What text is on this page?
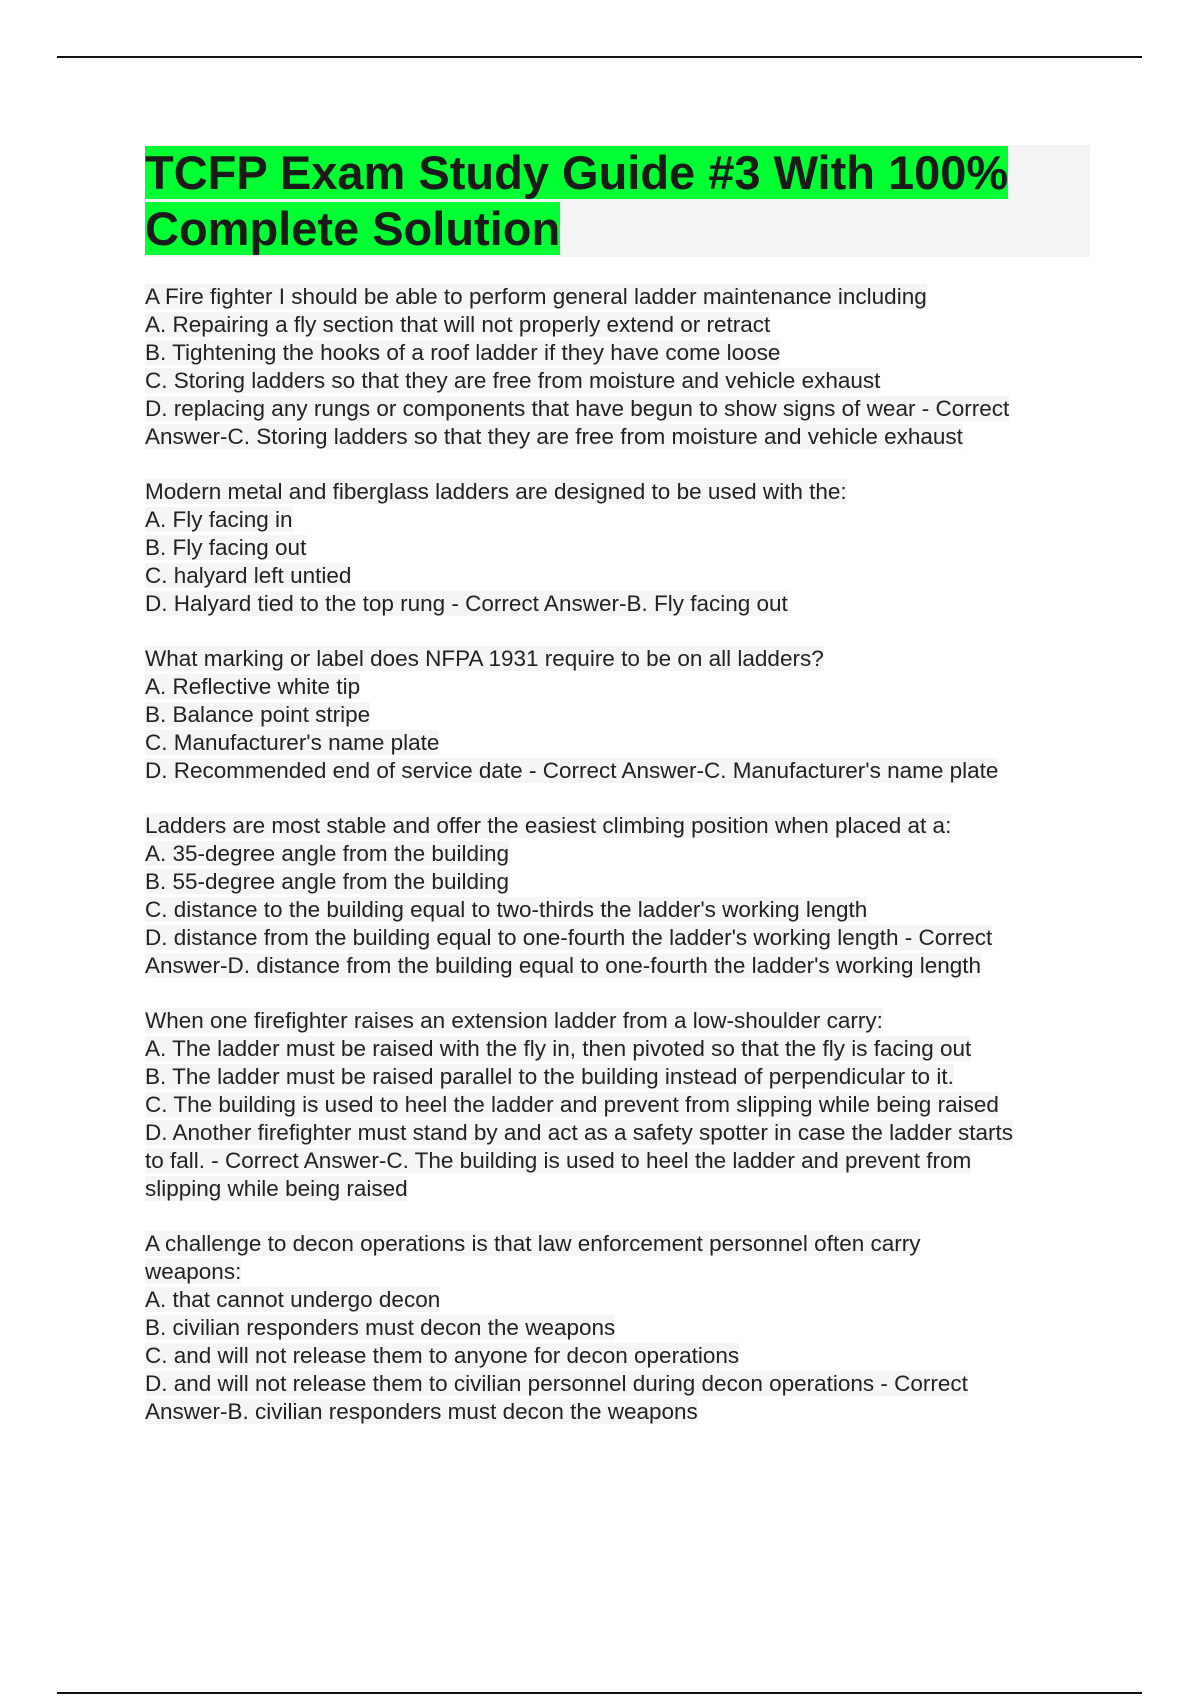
TCFP Exam Study Guide #3 With 100%
Complete Solution
A Fire fighter I should be able to perform general ladder maintenance including
A. Repairing a fly section that will not properly extend or retract
B. Tightening the hooks of a roof ladder if they have come loose
C. Storing ladders so that they are free from moisture and vehicle exhaust
D. replacing any rungs or components that have begun to show signs of wear - Correct
Answer-C. Storing ladders so that they are free from moisture and vehicle exhaust
Modern metal and fiberglass ladders are designed to be used with the:
A. Fly facing in
B. Fly facing out
C. halyard left untied
D. Halyard tied to the top rung - Correct Answer-B. Fly facing out
What marking or label does NFPA 1931 require to be on all ladders?
A. Reflective white tip
B. Balance point stripe
C. Manufacturer's name plate
D. Recommended end of service date - Correct Answer-C. Manufacturer's name plate
Ladders are most stable and offer the easiest climbing position when placed at a:
A. 35-degree angle from the building
B. 55-degree angle from the building
C. distance to the building equal to two-thirds the ladder's working length
D. distance from the building equal to one-fourth the ladder's working length - Correct
Answer-D. distance from the building equal to one-fourth the ladder's working length
When one firefighter raises an extension ladder from a low-shoulder carry:
A. The ladder must be raised with the fly in, then pivoted so that the fly is facing out
B. The ladder must be raised parallel to the building instead of perpendicular to it.
C. The building is used to heel the ladder and prevent from slipping while being raised
D. Another firefighter must stand by and act as a safety spotter in case the ladder starts
to fall. - Correct Answer-C. The building is used to heel the ladder and prevent from
slipping while being raised
A challenge to decon operations is that law enforcement personnel often carry
weapons:
A. that cannot undergo decon
B. civilian responders must decon the weapons
C. and will not release them to anyone for decon operations
D. and will not release them to civilian personnel during decon operations - Correct
Answer-B. civilian responders must decon the weapons
